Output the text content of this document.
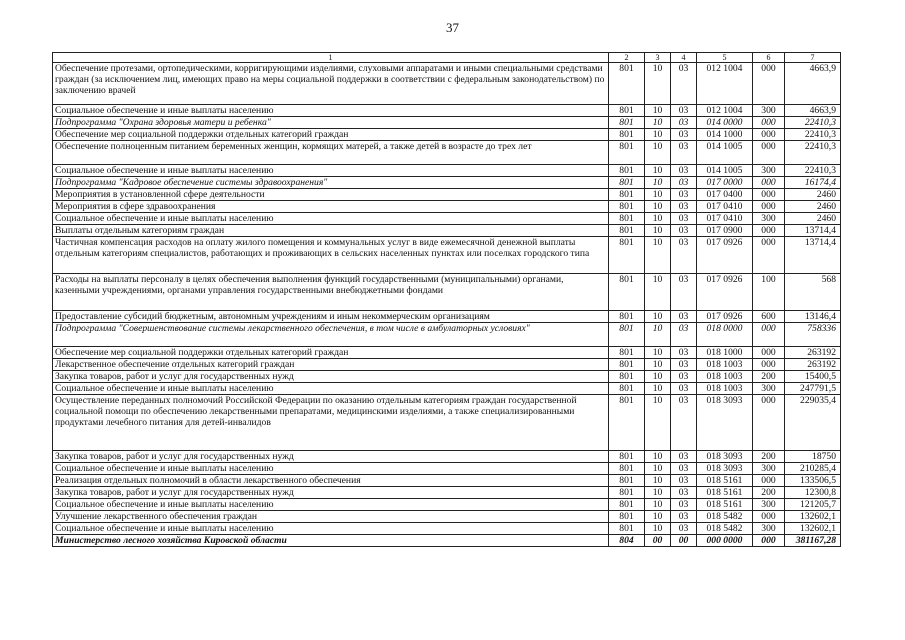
37
1	2	3	4	5	6	7
Обеспечение протезами, ортопедическими, корригирующими изделиями, слуховыми аппаратами и иными специальными средствами граждан (за исключением лиц, имеющих право на меры социальной поддержки в соответствии с федеральным законодательством) по заключению врачей	801	10	03	012 1004	000	4663,9
Социальное обеспечение и иные выплаты населению	801	10	03	012 1004	300	4663,9
Подпрограмма "Охрана здоровья матери и ребенка"	801	10	03	014 0000	000	22410,3
Обеспечение мер социальной поддержки отдельных категорий граждан	801	10	03	014 1000	000	22410,3
Обеспечение полноценным питанием беременных женщин, кормящих матерей, а также детей в возрасте до трех лет	801	10	03	014 1005	000	22410,3
Социальное обеспечение и иные выплаты населению	801	10	03	014 1005	300	22410,3
Подпрограмма "Кадровое обеспечение системы здравоохранения"	801	10	03	017 0000	000	16174,4
Мероприятия в установленной сфере деятельности	801	10	03	017 0400	000	2460
Мероприятия в сфере здравоохранения	801	10	03	017 0410	000	2460
Социальное обеспечение и иные выплаты населению	801	10	03	017 0410	300	2460
Выплаты отдельным категориям граждан	801	10	03	017 0900	000	13714,4
Частичная компенсация расходов на оплату жилого помещения и коммунальных услуг в виде ежемесячной денежной выплаты отдельным категориям специалистов, работающих и проживающих в сельских населенных пунктах или поселках городского типа	801	10	03	017 0926	000	13714,4
Расходы на выплаты персоналу в целях обеспечения выполнения функций государственными (муниципальными) органами, казенными учреждениями, органами управления государственными внебюджетными фондами	801	10	03	017 0926	100	568
Предоставление субсидий бюджетным, автономным учреждениям и иным некоммерческим организациям	801	10	03	017 0926	600	13146,4
Подпрограмма "Совершенствование системы лекарственного обеспечения, в том числе в амбулаторных условиях"	801	10	03	018 0000	000	758336
Обеспечение мер социальной поддержки отдельных категорий граждан	801	10	03	018 1000	000	263192
Лекарственное обеспечение отдельных категорий граждан	801	10	03	018 1003	000	263192
Закупка товаров, работ и услуг для государственных нужд	801	10	03	018 1003	200	15400,5
Социальное обеспечение и иные выплаты населению	801	10	03	018 1003	300	247791,5
Осуществление переданных полномочий Российской Федерации по оказанию отдельным категориям граждан государственной социальной помощи по обеспечению лекарственными препаратами, медицинскими изделиями, а также специализированными продуктами лечебного питания для детей-инвалидов	801	10	03	018 3093	000	229035,4
Закупка товаров, работ и услуг для государственных нужд	801	10	03	018 3093	200	18750
Социальное обеспечение и иные выплаты населению	801	10	03	018 3093	300	210285,4
Реализация отдельных полномочий в области лекарственного обеспечения	801	10	03	018 5161	000	133506,5
Закупка товаров, работ и услуг для государственных нужд	801	10	03	018 5161	200	12300,8
Социальное обеспечение и иные выплаты населению	801	10	03	018 5161	300	121205,7
Улучшение лекарственного обеспечения граждан	801	10	03	018 5482	000	132602,1
Социальное обеспечение и иные выплаты населению	801	10	03	018 5482	300	132602,1
Министерство лесного хозяйства Кировской области	804	00	00	000 0000	000	381167,28
